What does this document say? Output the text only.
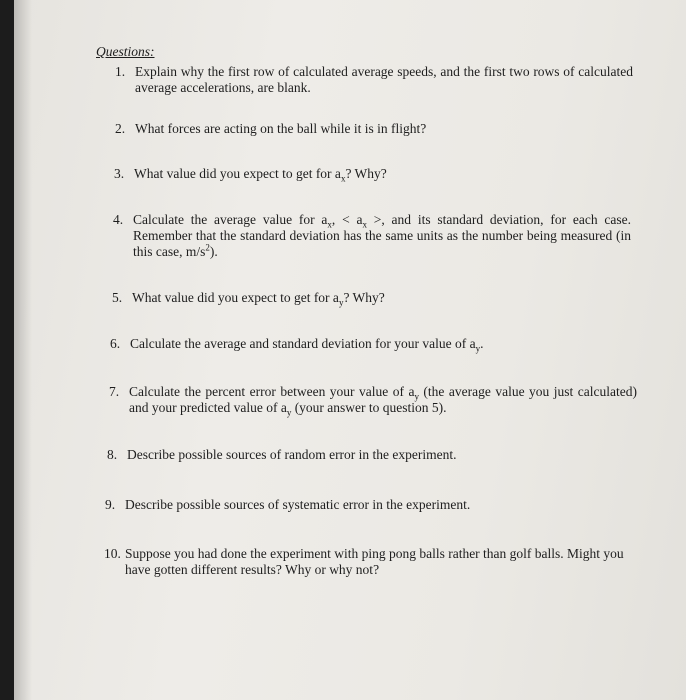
Questions:
1. Explain why the first row of calculated average speeds, and the first two rows of calculated average accelerations, are blank.
2. What forces are acting on the ball while it is in flight?
3. What value did you expect to get for $a_x$? Why?
4. Calculate the average value for $a_x$, < $a_x$ >, and its standard deviation, for each case. Remember that the standard deviation has the same units as the number being measured (in this case, $m/s^2$).
5. What value did you expect to get for $a_y$? Why?
6. Calculate the average and standard deviation for your value of $a_y$.
7. Calculate the percent error between your value of $a_y$ (the average value you just calculated) and your predicted value of $a_y$ (your answer to question 5).
8. Describe possible sources of random error in the experiment.
9. Describe possible sources of systematic error in the experiment.
10. Suppose you had done the experiment with ping pong balls rather than golf balls. Might you have gotten different results? Why or why not?
